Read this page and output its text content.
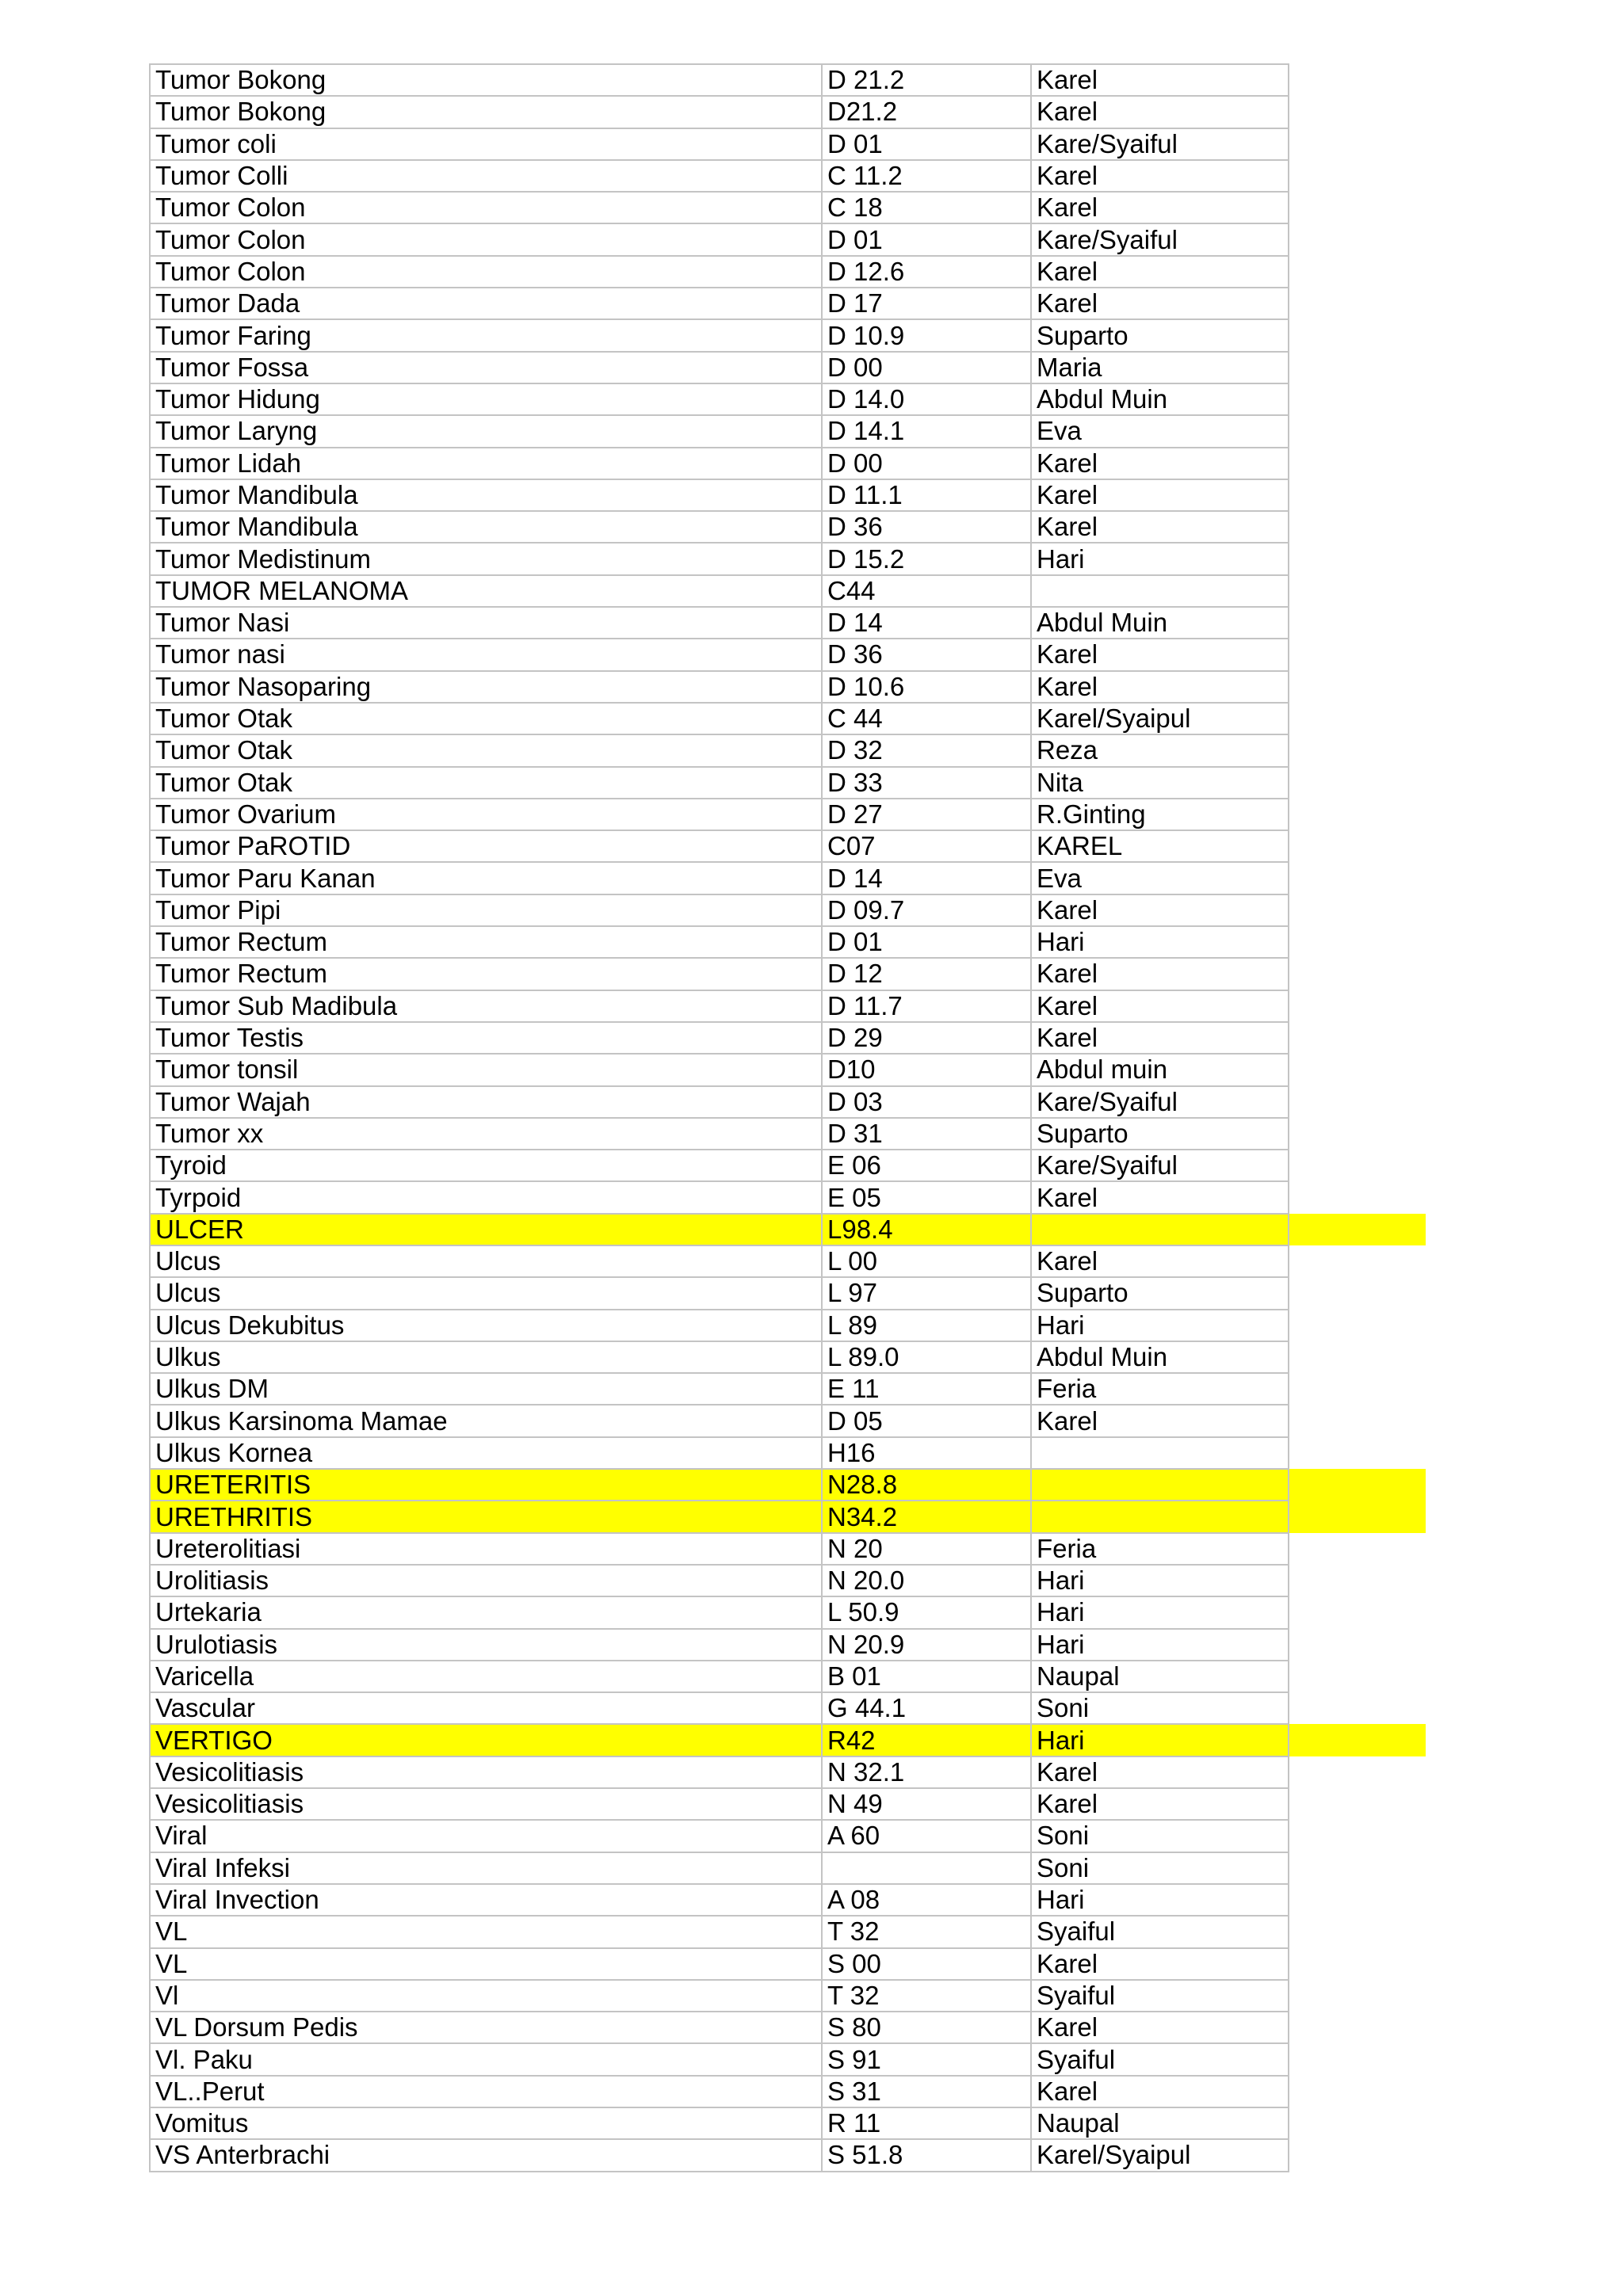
Tumor Bokong	D 21.2	Karel	
Tumor Bokong	D21.2	Karel	
Tumor coli	D 01	Kare/Syaiful	
Tumor Colli	C 11.2	Karel	
Tumor Colon	C 18	Karel	
Tumor Colon	D 01	Kare/Syaiful	
Tumor Colon	D 12.6	Karel	
Tumor Dada	D 17	Karel	
Tumor Faring	D 10.9	Suparto	
Tumor Fossa	D 00	Maria	
Tumor Hidung	D 14.0	Abdul Muin	
Tumor Laryng	D 14.1	Eva	
Tumor Lidah	D 00	Karel	
Tumor Mandibula	D 11.1	Karel	
Tumor Mandibula	D 36	Karel	
Tumor Medistinum	D 15.2	Hari	
TUMOR MELANOMA	C44		
Tumor Nasi	D 14	Abdul Muin	
Tumor nasi	D 36	Karel	
Tumor Nasoparing	D 10.6	Karel	
Tumor Otak	C 44	Karel/Syaipul	
Tumor Otak	D 32	Reza	
Tumor Otak	D 33	Nita	
Tumor Ovarium	D 27	R.Ginting	
Tumor PaROTID	C07	KAREL	
Tumor Paru Kanan	D 14	Eva	
Tumor Pipi	D 09.7	Karel	
Tumor Rectum	D 01	Hari	
Tumor Rectum	D 12	Karel	
Tumor Sub Madibula	D 11.7	Karel	
Tumor Testis	D 29	Karel	
Tumor tonsil	D10	Abdul muin	
Tumor Wajah	D 03	Kare/Syaiful	
Tumor xx	D 31	Suparto	
Tyroid	E 06	Kare/Syaiful	
Tyrpoid	E 05	Karel	
ULCER	L98.4		
Ulcus	L 00	Karel	
Ulcus	L 97	Suparto	
Ulcus Dekubitus	L 89	Hari	
Ulkus	L 89.0	Abdul Muin	
Ulkus DM	E 11	Feria	
Ulkus Karsinoma Mamae	D 05	Karel	
Ulkus Kornea	H16		
URETERITIS	N28.8		
URETHRITIS	N34.2		
Ureterolitiasi	N 20	Feria	
Urolitiasis	N 20.0	Hari	
Urtekaria	L 50.9	Hari	
Urulotiasis	N 20.9	Hari	
Varicella	B 01	Naupal	
Vascular	G 44.1	Soni	
VERTIGO	R42	Hari	
Vesicolitiasis	N 32.1	Karel	
Vesicolitiasis	N 49	Karel	
Viral	A 60	Soni	
Viral Infeksi		Soni	
Viral Invection	A 08	Hari	
VL	T 32	Syaiful	
VL	S 00	Karel	
Vl	T 32	Syaiful	
VL Dorsum Pedis	S 80	Karel	
Vl. Paku	S 91	Syaiful	
VL..Perut	S 31	Karel	
Vomitus	R 11	Naupal	
VS Anterbrachi	S 51.8	Karel/Syaipul	
